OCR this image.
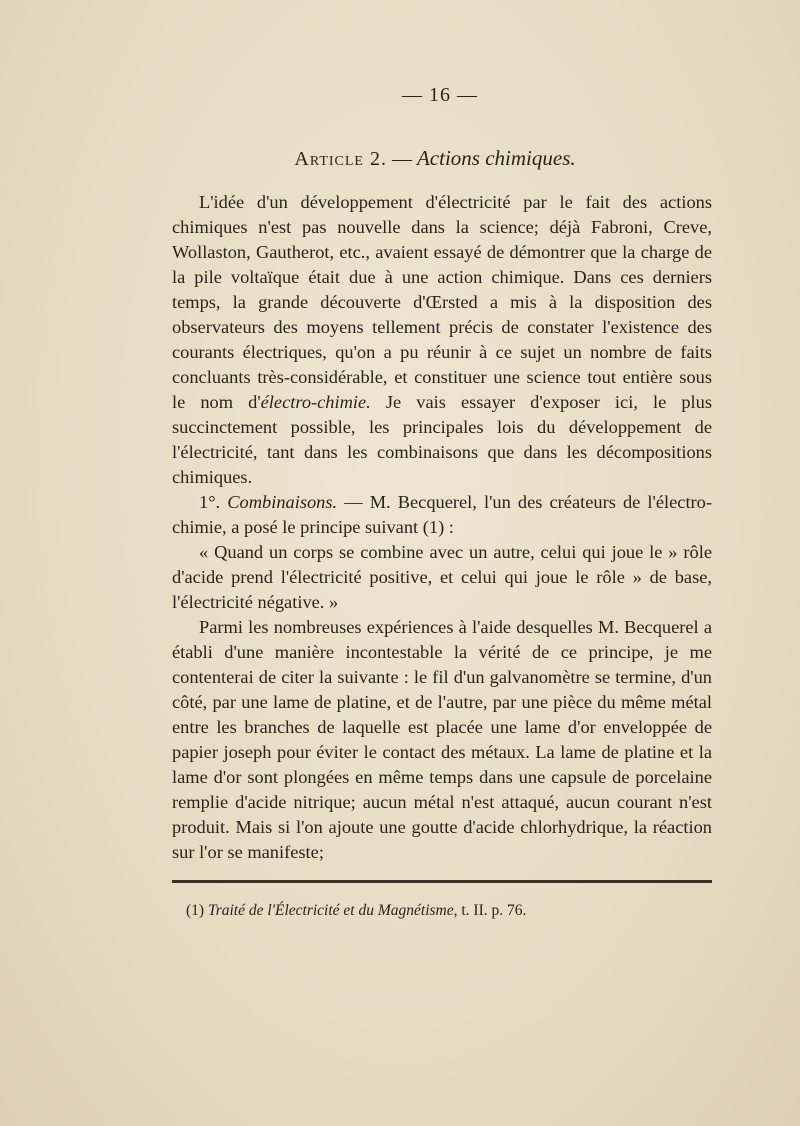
— 16 —
Article 2. — Actions chimiques.

L'idée d'un développement d'électricité par le fait des actions chimiques n'est pas nouvelle dans la science; déjà Fabroni, Creve, Wollaston, Gautherot, etc., avaient essayé de démontrer que la charge de la pile voltaïque était due à une action chimique. Dans ces derniers temps, la grande découverte d'Œrsted a mis à la disposition des observateurs des moyens tellement précis de constater l'existence des courants électriques, qu'on a pu réunir à ce sujet un nombre de faits concluants très-considérable, et constituer une science tout entière sous le nom d'électro-chimie. Je vais essayer d'exposer ici, le plus succinctement possible, les principales lois du développement de l'électricité, tant dans les combinaisons que dans les décompositions chimiques.

1°. Combinaisons. — M. Becquerel, l'un des créateurs de l'électro-chimie, a posé le principe suivant (1) :

« Quand un corps se combine avec un autre, celui qui joue le » rôle d'acide prend l'électricité positive, et celui qui joue le rôle » de base, l'électricité négative. »

Parmi les nombreuses expériences à l'aide desquelles M. Becquerel a établi d'une manière incontestable la vérité de ce principe, je me contenterai de citer la suivante : le fil d'un galvanomètre se termine, d'un côté, par une lame de platine, et de l'autre, par une pièce du même métal entre les branches de laquelle est placée une lame d'or enveloppée de papier joseph pour éviter le contact des métaux. La lame de platine et la lame d'or sont plongées en même temps dans une capsule de porcelaine remplie d'acide nitrique; aucun métal n'est attaqué, aucun courant n'est produit. Mais si l'on ajoute une goutte d'acide chlorhydrique, la réaction sur l'or se manifeste;

(1) Traité de l'Électricité et du Magnétisme, t. II. p. 76.
